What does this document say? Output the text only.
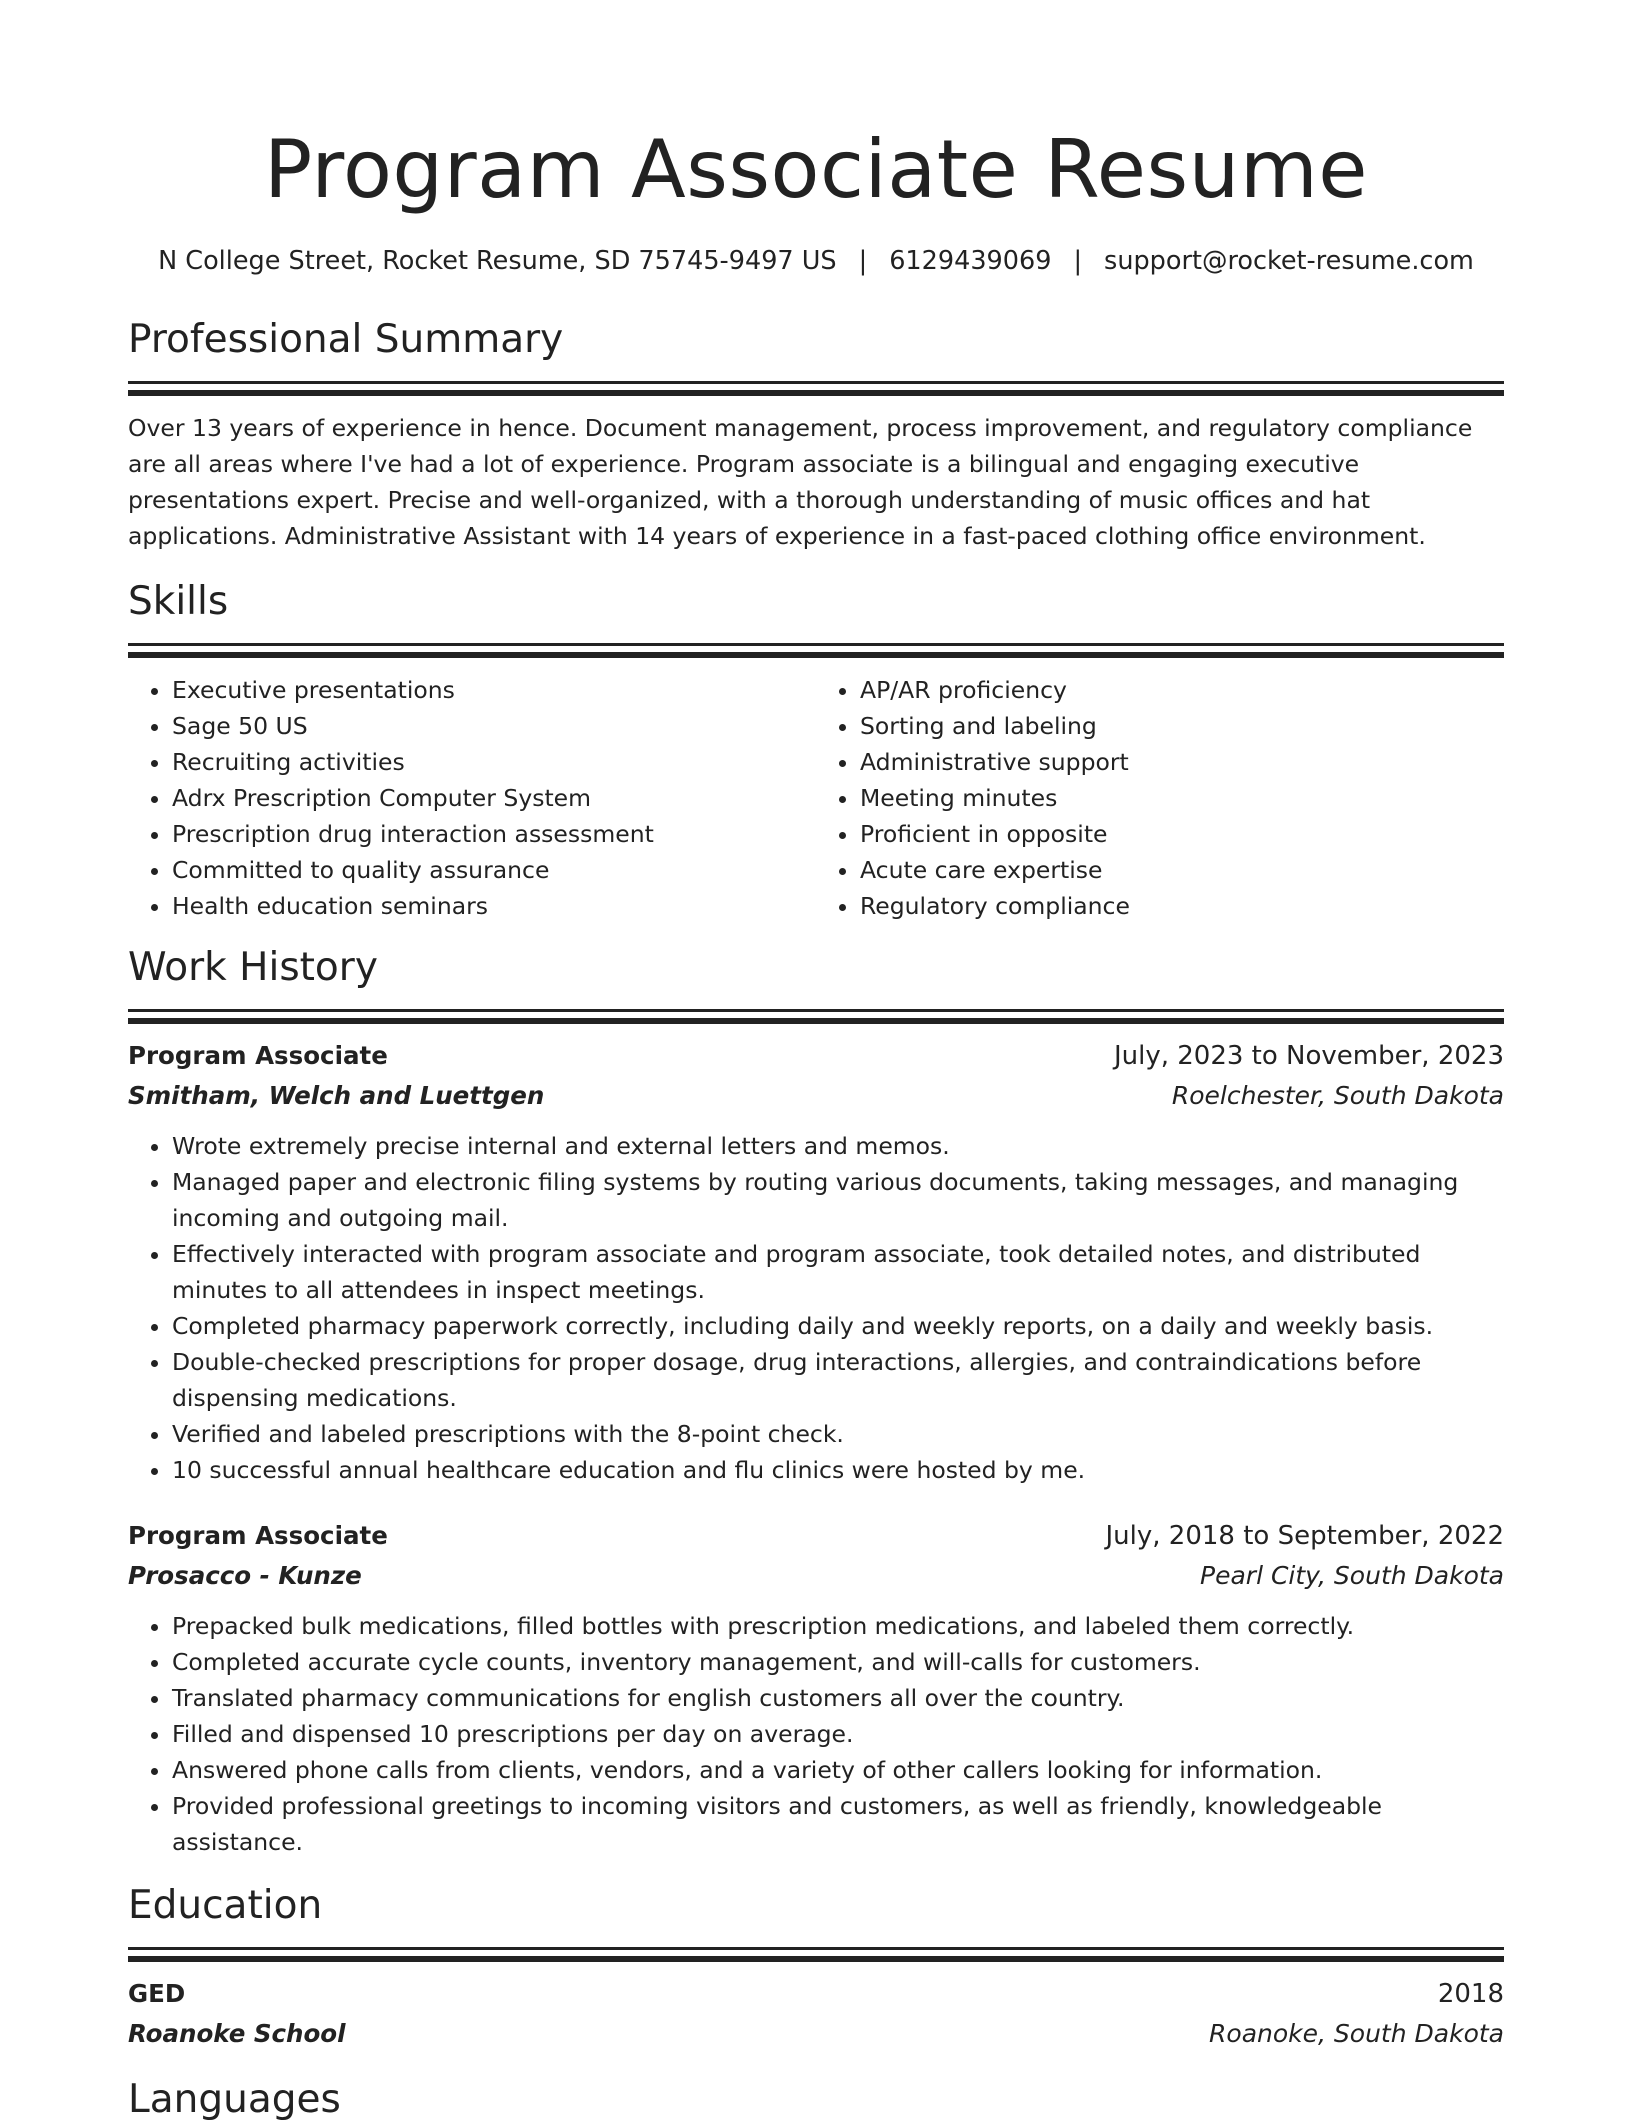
Program Associate Resume
N College Street, Rocket Resume, SD 75745-9497 US | 6129439069 | support@rocket-resume.com
Professional Summary

Over 13 years of experience in hence. Document management, process improvement, and regulatory compliance are all areas where I've had a lot of experience. Program associate is a bilingual and engaging executive presentations expert. Precise and well-organized, with a thorough understanding of music offices and hat applications. Administrative Assistant with 14 years of experience in a fast-paced clothing office environment.

Skills
• Executive presentations
• Sage 50 US
• Recruiting activities
• Adrx Prescription Computer System
• Prescription drug interaction assessment
• Committed to quality assurance
• Health education seminars
• AP/AR proficiency
• Sorting and labeling
• Administrative support
• Meeting minutes
• Proficient in opposite
• Acute care expertise
• Regulatory compliance
Work History
Program Associate	July, 2023 to November, 2023
Smitham, Welch and Luettgen	Roelchester, South Dakota
• Wrote extremely precise internal and external letters and memos.
• Managed paper and electronic filing systems by routing various documents, taking messages, and managing incoming and outgoing mail.
• Effectively interacted with program associate and program associate, took detailed notes, and distributed minutes to all attendees in inspect meetings.
• Completed pharmacy paperwork correctly, including daily and weekly reports, on a daily and weekly basis.
• Double-checked prescriptions for proper dosage, drug interactions, allergies, and contraindications before dispensing medications.
• Verified and labeled prescriptions with the 8-point check.
• 10 successful annual healthcare education and flu clinics were hosted by me.
Program Associate	July, 2018 to September, 2022
Prosacco - Kunze	Pearl City, South Dakota
• Prepacked bulk medications, filled bottles with prescription medications, and labeled them correctly.
• Completed accurate cycle counts, inventory management, and will-calls for customers.
• Translated pharmacy communications for english customers all over the country.
• Filled and dispensed 10 prescriptions per day on average.
• Answered phone calls from clients, vendors, and a variety of other callers looking for information.
• Provided professional greetings to incoming visitors and customers, as well as friendly, knowledgeable assistance.
Education
GED	2018
Roanoke School	Roanoke, South Dakota
Languages
